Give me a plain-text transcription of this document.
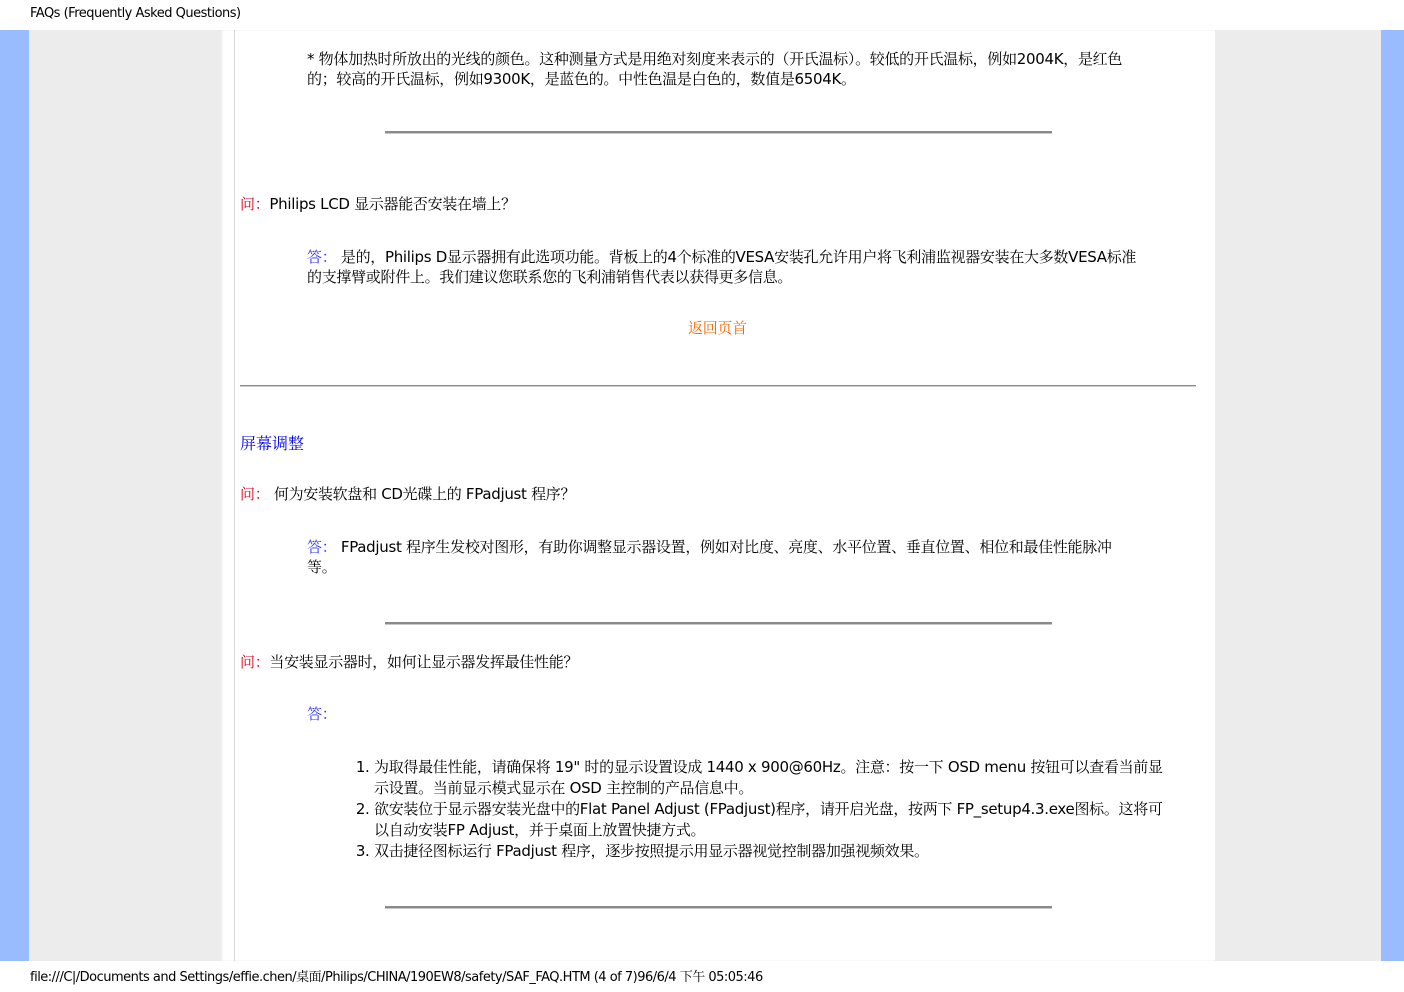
FAQs (Frequently Asked Questions)
* 物体加热时所放出的光线的颜色。这种测量方式是用绝对刻度来表示的（开氏温标）。较低的开氏温标，例如2004K，是红色的；较高的开氏温标，例如9300K，是蓝色的。中性色温是白色的，数值是6504K。
问：Philips LCD 显示器能否安装在墙上？
答： 是的，Philips D显示器拥有此选项功能。背板上的4个标准的VESA安装孔允许用户将飞利浦监视器安装在大多数VESA标准的支撑臂或附件上。我们建议您联系您的飞利浦销售代表以获得更多信息。
返回页首
屏幕调整
问： 何为安装软盘和 CD光碟上的 FPadjust 程序？
答： FPadjust 程序生发校对图形，有助你调整显示器设置，例如对比度、亮度、水平位置、垂直位置、相位和最佳性能脉冲等。
问：当安装显示器时，如何让显示器发挥最佳性能？
答：
1. 为取得最佳性能，请确保将 19" 时的显示设置设成 1440 x 900@60Hz。注意：按一下 OSD menu 按钮可以查看当前显示设置。当前显示模式显示在 OSD 主控制的产品信息中。
2. 欲安装位于显示器安装光盘中的Flat Panel Adjust (FPadjust)程序，请开启光盘，按两下 FP_setup4.3.exe图标。这将可以自动安装FP Adjust，并于桌面上放置快捷方式。
3. 双击捷径图标运行 FPadjust 程序，逐步按照提示用显示器视觉控制器加强视频效果。
file:///C|/Documents and Settings/effie.chen/桌面/Philips/CHINA/190EW8/safety/SAF_FAQ.HTM (4 of 7)96/6/4 下午 05:05:46
